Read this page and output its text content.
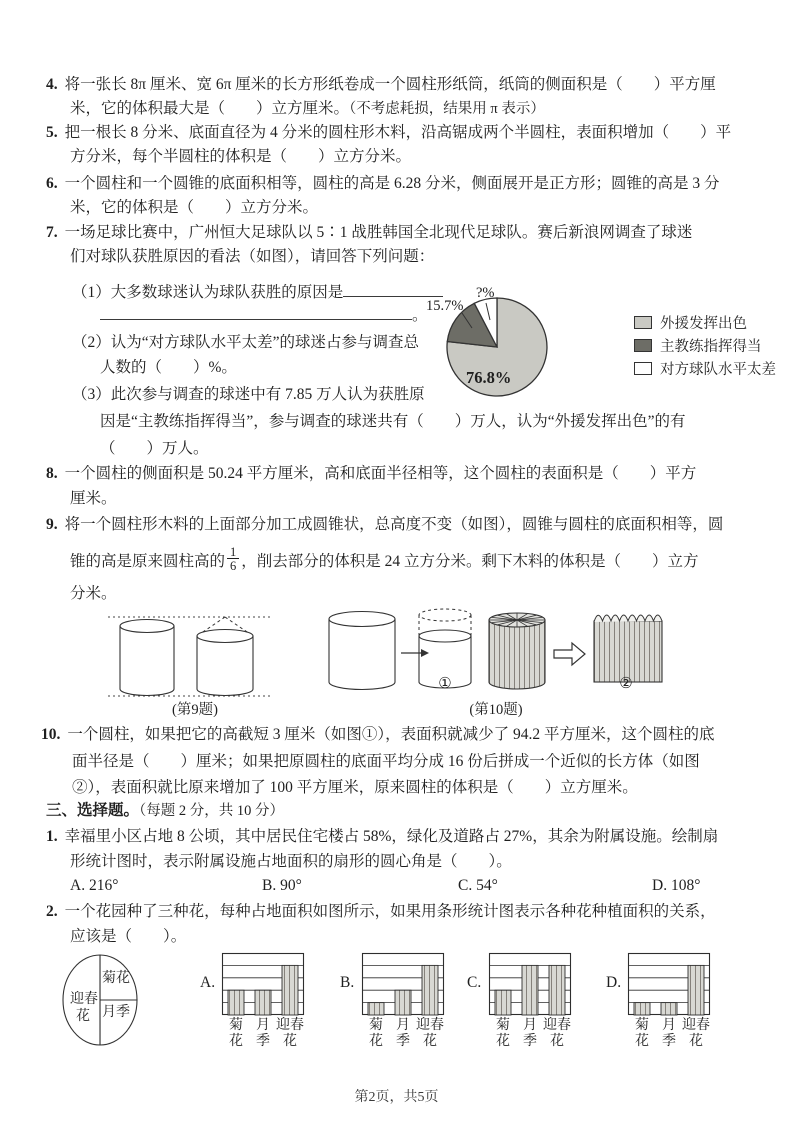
4. 将一张长 8π 厘米、宽 6π 厘米的长方形纸卷成一个圆柱形纸筒，纸筒的侧面积是（　　）平方厘
米，它的体积最大是（　　）立方厘米。（不考虑耗损，结果用 π 表示）
5. 把一根长 8 分米、底面直径为 4 分米的圆柱形木料，沿高锯成两个半圆柱，表面积增加（　　）平
方分米，每个半圆柱的体积是（　　）立方分米。
6. 一个圆柱和一个圆锥的底面积相等，圆柱的高是 6.28 分米，侧面展开是正方形；圆锥的高是 3 分
米，它的体积是（　　）立方分米。
7. 一场足球比赛中，广州恒大足球队以 5∶1 战胜韩国全北现代足球队。赛后新浪网调查了球迷
们对球队获胜原因的看法（如图），请回答下列问题：
（1）大多数球迷认为球队获胜的原因是
。
（2）认为“对方球队水平太差”的球迷占参与调查总
人数的（　　）%。
（3）此次参与调查的球迷中有 7.85 万人认为获胜原
因是“主教练指挥得当”，参与调查的球迷共有（　　）万人，认为“外援发挥出色”的有
（　　）万人。
15.7%
?%
76.8%
外援发挥出色
主教练指挥得当
对方球队水平太差
8. 一个圆柱的侧面积是 50.24 平方厘米，高和底面半径相等，这个圆柱的表面积是（　　）平方
厘米。
9. 将一个圆柱形木料的上面部分加工成圆锥状，总高度不变（如图），圆锥与圆柱的底面积相等，圆
锥的高是原来圆柱高的 $\frac{1}{6}$ ，削去部分的体积是 24 立方分米。剩下木料的体积是（　　）立方
分米。
(第9题)
①	②
(第10题)
10. 一个圆柱，如果把它的高截短 3 厘米（如图①），表面积就减少了 94.2 平方厘米，这个圆柱的底
面半径是（　　）厘米；如果把原圆柱的底面平均分成 16 份后拼成一个近似的长方体（如图
②），表面积就比原来增加了 100 平方厘米，原来圆柱的体积是（　　）立方厘米。
三、选择题。（每题 2 分，共 10 分）
1. 幸福里小区占地 8 公顷，其中居民住宅楼占 58%，绿化及道路占 27%，其余为附属设施。绘制扇
形统计图时，表示附属设施占地面积的扇形的圆心角是（　　）。
A. 216°	B. 90°	C. 54°	D. 108°
2. 一个花园种了三种花，每种占地面积如图所示，如果用条形统计图表示各种花种植面积的关系，
应该是（　　）。
菊花
迎春
花 月季
A.
菊 月 迎春
花 季 花
B.
菊 月 迎春
花 季 花
C.
菊 月 迎春
花 季 花
D.
菊 月 迎春
花 季 花
第2页，共5页
